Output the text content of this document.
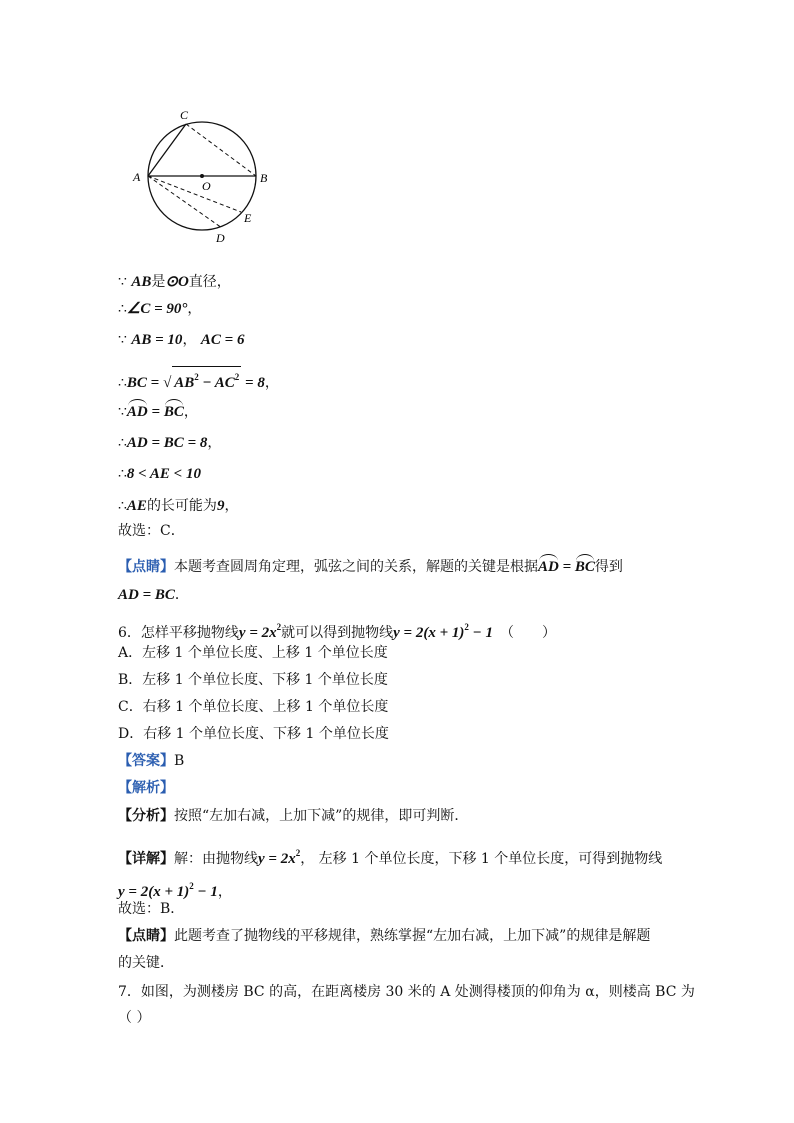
C
A
O
B
E
D
∵ AB是⊙O直径，
∴∠C = 90°，
∵ AB = 10， AC = 6
∴BC = √ $AB^2 - AC^2 = 8$，
∵AD = BC，
∴AD = BC = 8，
∴8 < AE < 10
∴AE的长可能为9，
故选：C．
【点睛】本题考查圆周角定理，弧弦之间的关系，解题的关键是根据AD = BC得到
AD = BC．
6．怎样平移抛物线$y = 2x^2$就可以得到抛物线$y = 2(x + 1)^2 - 1$　 （　　）
A．左移 1 个单位长度、上移 1 个单位长度
B．左移 1 个单位长度、下移 1 个单位长度
C．右移 1 个单位长度、上移 1 个单位长度
D．右移 1 个单位长度、下移 1 个单位长度
【答案】B
【解析】
【分析】按照“左加右减，上加下减”的规律，即可判断．
【详解】解：由抛物线$y = 2x^2$， 左移 1 个单位长度，下移 1 个单位长度，可得到抛物线
$y = 2(x + 1)^2 - 1$，
故选：B．
【点睛】此题考查了抛物线的平移规律，熟练掌握“左加右减，上加下减”的规律是解题
的关键．
7．如图，为测楼房 BC 的高，在距离楼房 30 米的 A 处测得楼顶的仰角为 α，则楼高 BC 为
（ ）
